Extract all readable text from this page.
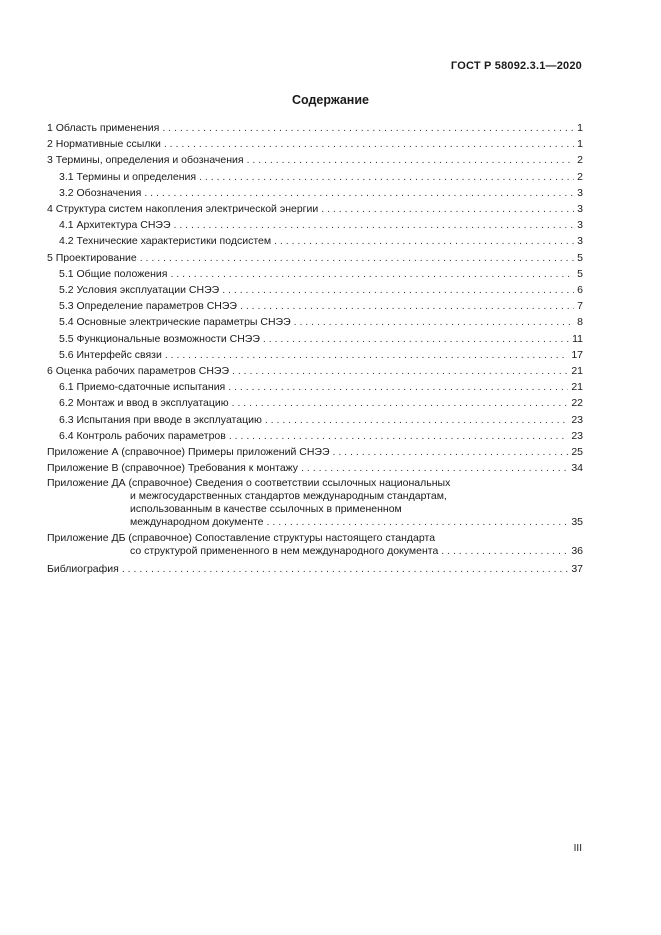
ГОСТ Р 58092.3.1—2020
Содержание
1 Область применения . . .	1
2 Нормативные ссылки . . .	1
3 Термины, определения и обозначения . . .	2
3.1 Термины и определения . . .	2
3.2 Обозначения . . .	3
4 Структура систем накопления электрической энергии . . .	3
4.1 Архитектура СНЭЭ . . .	3
4.2 Технические характеристики подсистем . . .	3
5 Проектирование . . .	5
5.1 Общие положения . . .	5
5.2 Условия эксплуатации СНЭЭ . . .	6
5.3 Определение параметров СНЭЭ . . .	7
5.4 Основные электрические параметры СНЭЭ . . .	8
5.5 Функциональные возможности СНЭЭ . . .	11
5.6 Интерфейс связи . . .	17
6 Оценка рабочих параметров СНЭЭ . . .	21
6.1 Приемо-сдаточные испытания . . .	21
6.2 Монтаж и ввод в эксплуатацию . . .	22
6.3 Испытания при вводе в эксплуатацию . . .	23
6.4 Контроль рабочих параметров . . .	23
Приложение А (справочное) Примеры приложений СНЭЭ . . .	25
Приложение В (справочное) Требования к монтажу . . .	34
Приложение ДА (справочное) Сведения о соответствии ссылочных национальных
и межгосударственных стандартов международным стандартам,
использованным в качестве ссылочных в примененном
международном документе . . .	35
Приложение ДБ (справочное) Сопоставление структуры настоящего стандарта
со структурой примененного в нем международного документа . . .	36
Библиография . . .	37
III
